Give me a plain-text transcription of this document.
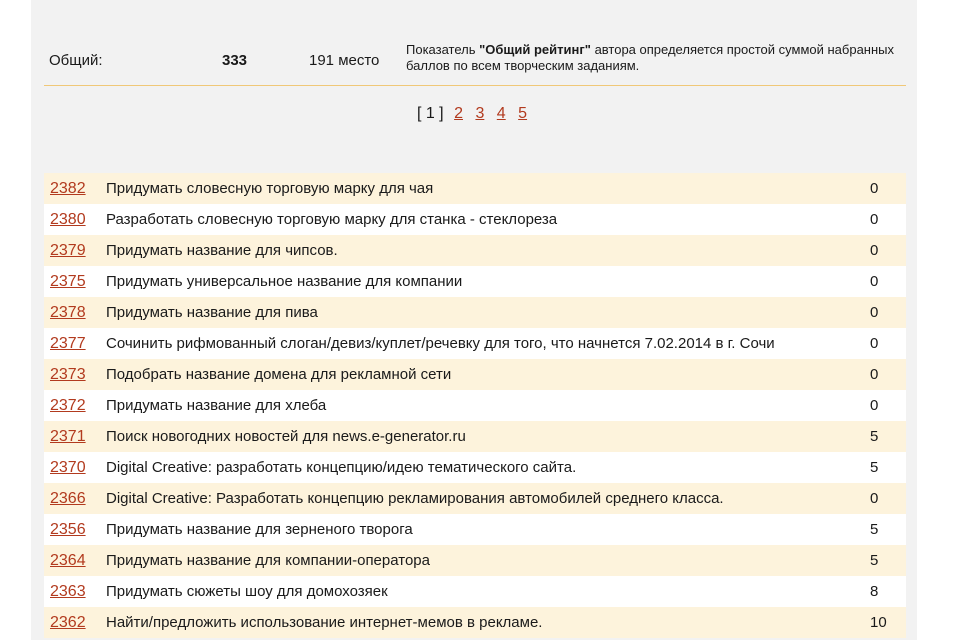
Общий:	333	191 место
Показатель "Общий рейтинг" автора определяется простой суммой набранных баллов по всем творческим заданиям.
[ 1 ] 2 3 4 5
2382	Придумать словесную торговую марку для чая	0
2380	Разработать словесную торговую марку для станка - стеклореза	0
2379	Придумать название для чипсов.	0
2375	Придумать универсальное название для компании	0
2378	Придумать название для пива	0
2377	Сочинить рифмованный слоган/девиз/куплет/речевку для того, что начнется 7.02.2014 в г. Сочи	0
2373	Подобрать название домена для рекламной сети	0
2372	Придумать название для хлеба	0
2371	Поиск новогодних новостей для news.e-generator.ru	5
2370	Digital Creative: разработать концепцию/идею тематического сайта.	5
2366	Digital Creative: Разработать концепцию рекламирования автомобилей среднего класса.	0
2356	Придумать название для зерненого творога	5
2364	Придумать название для компании-оператора	5
2363	Придумать сюжеты шоу для домохозяек	8
2362	Найти/предложить использование интернет-мемов в рекламе.	10
